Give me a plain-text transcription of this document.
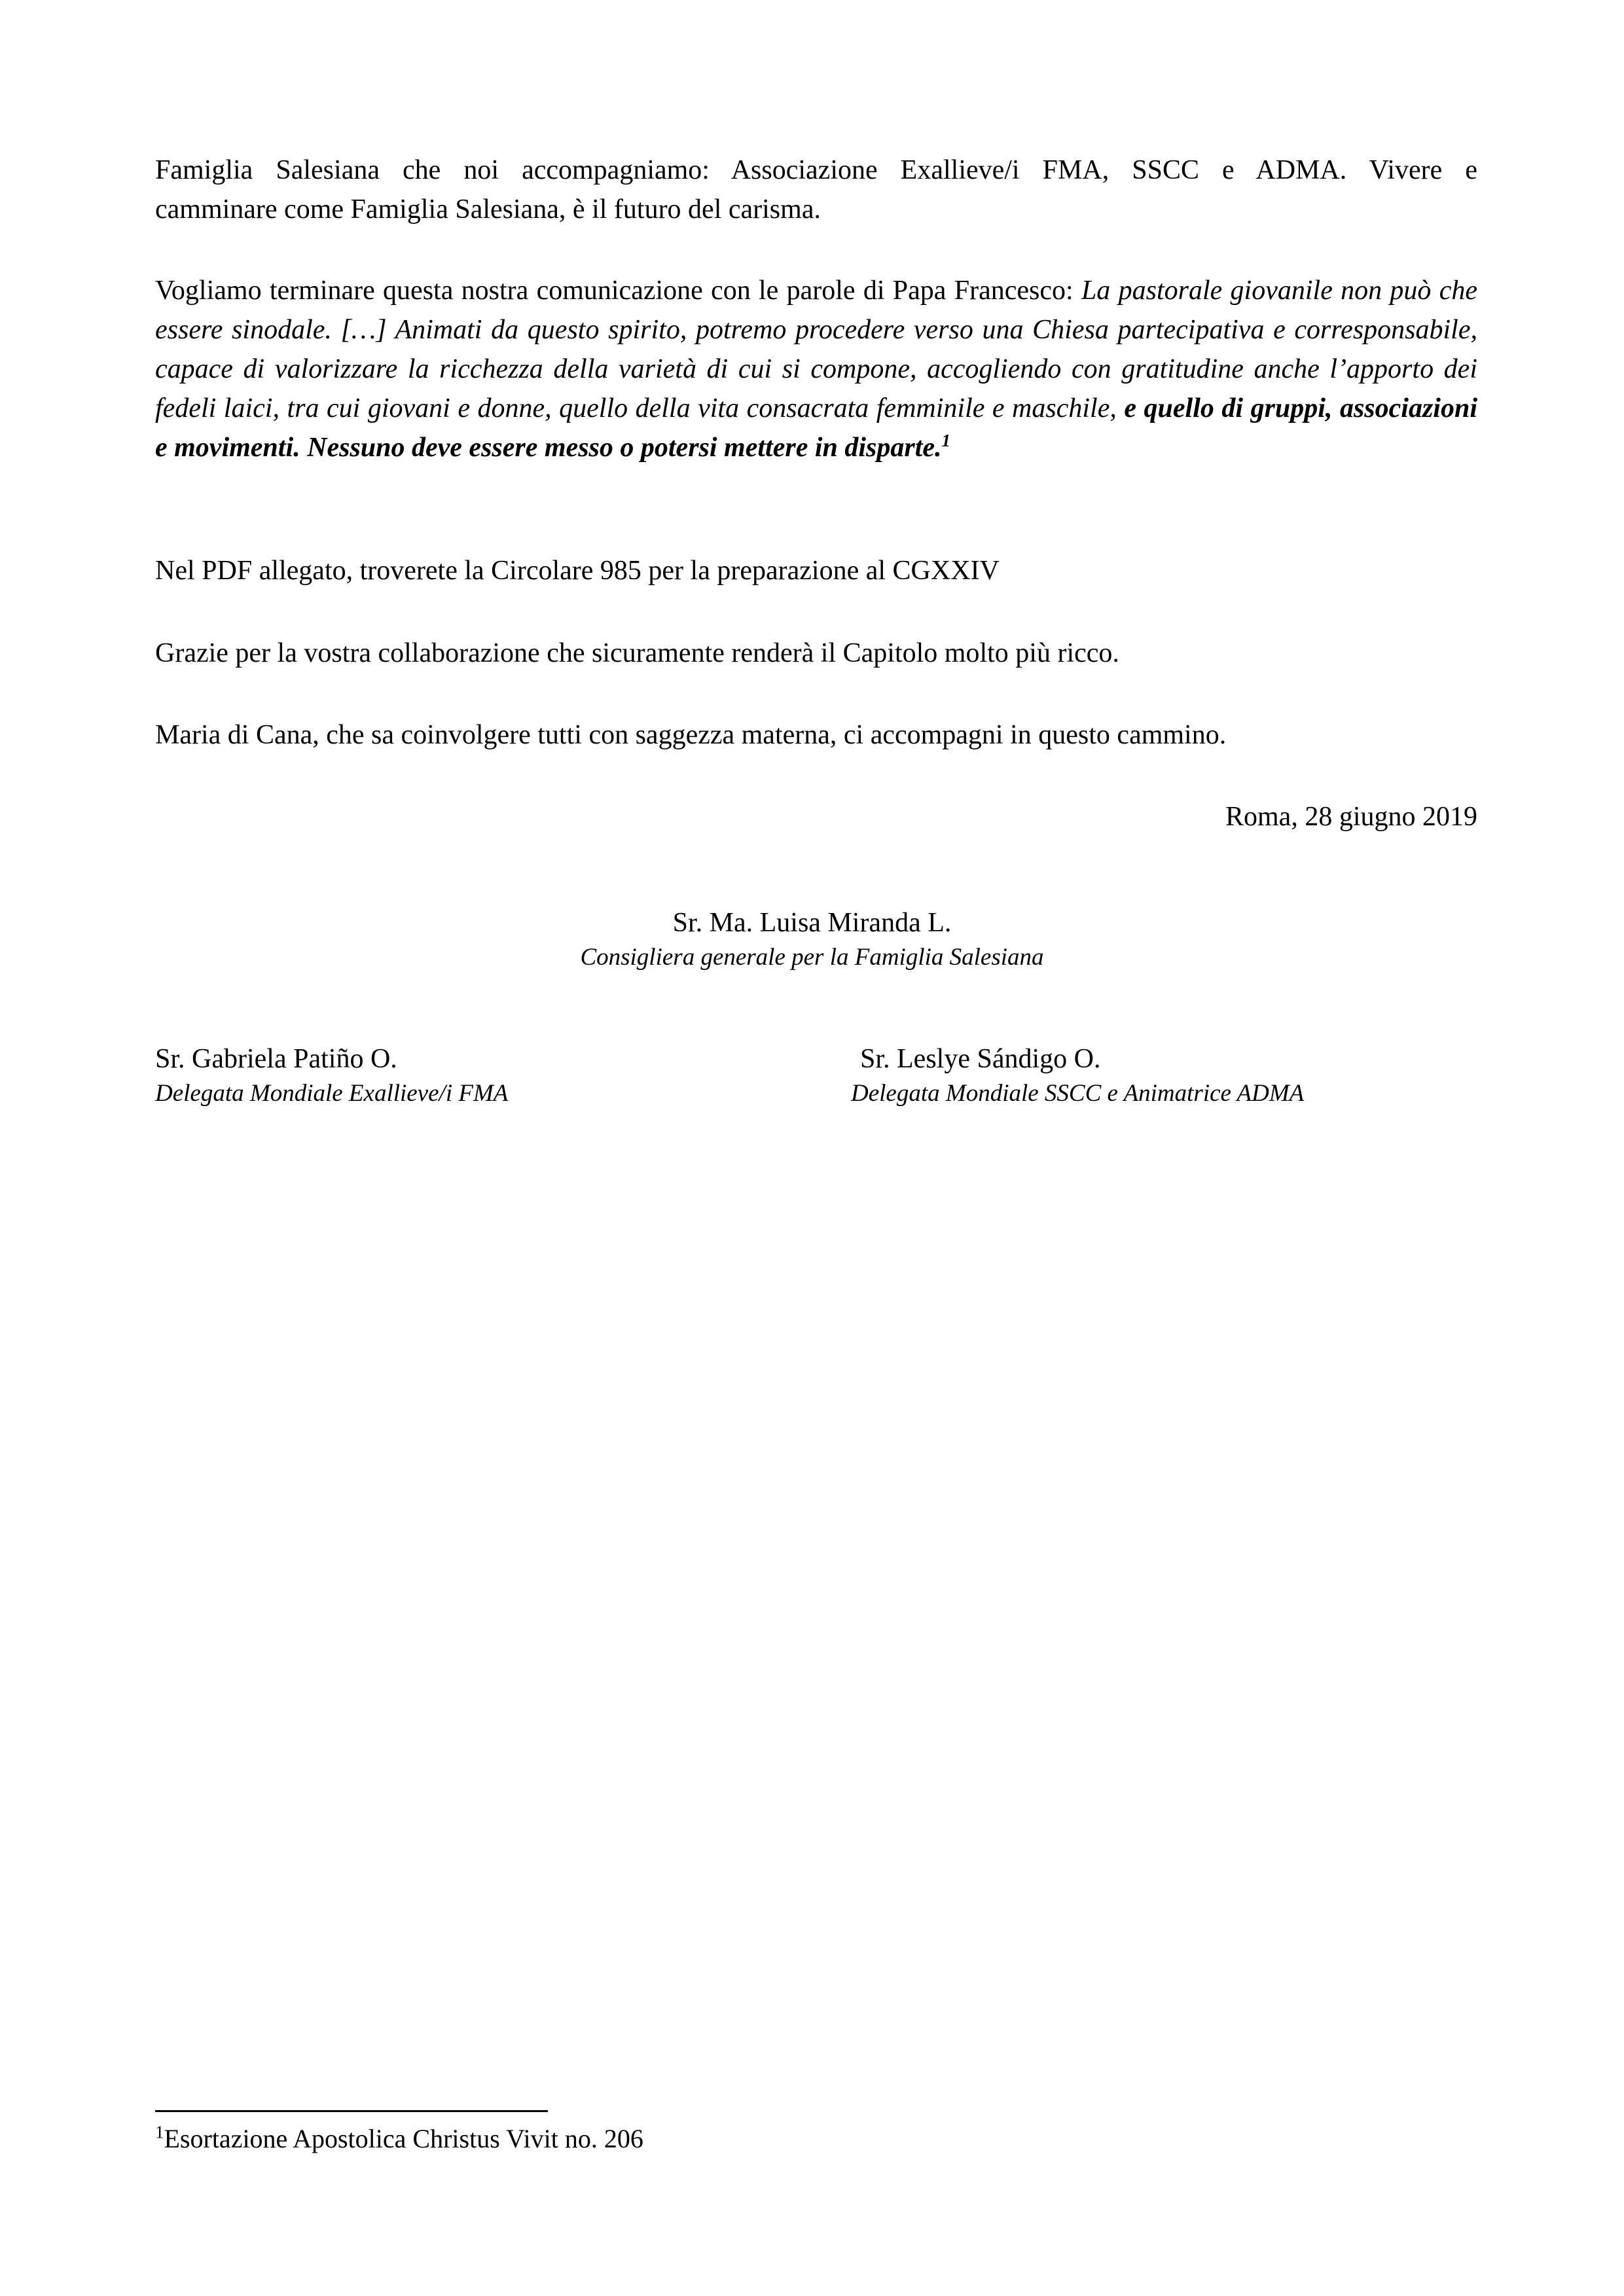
Famiglia Salesiana che noi accompagniamo: Associazione Exallieve/i FMA, SSCC e ADMA. Vivere e
camminare come Famiglia Salesiana, è il futuro del carisma.

Vogliamo terminare questa nostra comunicazione con le parole di Papa Francesco: La pastorale giovanile non può che essere sinodale. […] Animati da questo spirito, potremo procedere verso una Chiesa partecipativa e corresponsabile, capace di valorizzare la ricchezza della varietà di cui si compone, accogliendo con gratitudine anche l’apporto dei fedeli laici, tra cui giovani e donne, quello della vita consacrata femminile e maschile, e quello di gruppi, associazioni e movimenti. Nessuno deve essere messo o potersi mettere in disparte.$^1$

Nel PDF allegato, troverete la Circolare 985 per la preparazione al CGXXIV

Grazie per la vostra collaborazione che sicuramente renderà il Capitolo molto più ricco.

Maria di Cana, che sa coinvolgere tutti con saggezza materna, ci accompagni in questo cammino.

Roma, 28 giugno 2019

Sr. Ma. Luisa Miranda L.
Consigliera generale per la Famiglia Salesiana
Sr. Gabriela Patiño O.
Delegata Mondiale Exallieve/i FMA
Sr. Leslye Sándigo O.
Delegata Mondiale SSCC e Animatrice ADMA

$^1$Esortazione Apostolica Christus Vivit no. 206
